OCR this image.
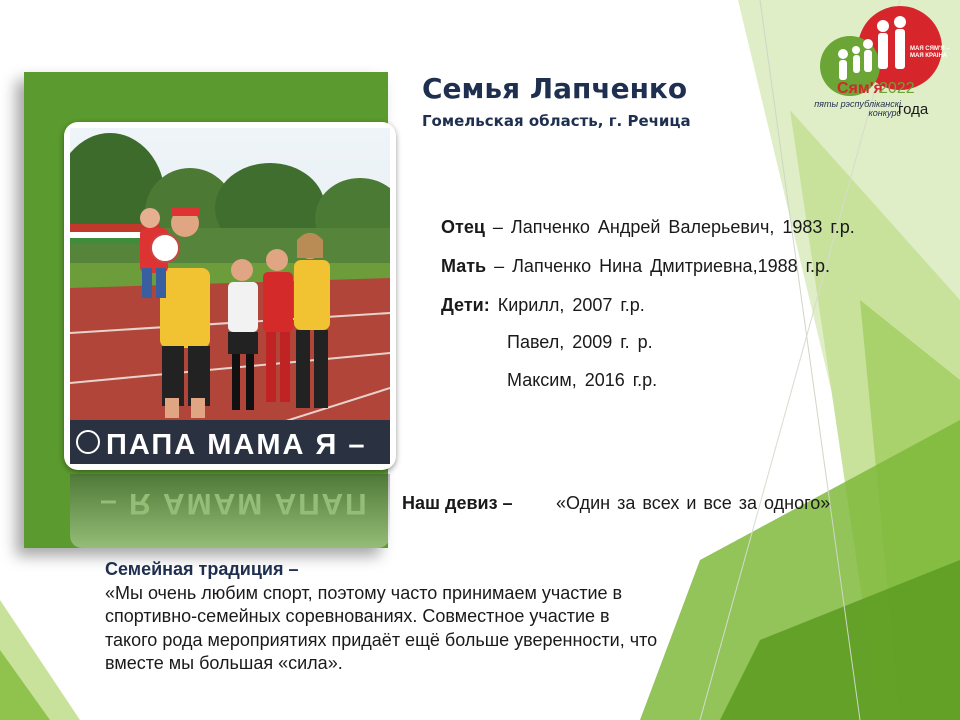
ПАПА МАМА Я –
ПАПА МАМА Я –
Семья Лапченко
Гомельская область, г. Речица
Отец – Лапченко Андрей Валерьевич, 1983 г.р.
Мать – Лапченко Нина Дмитриевна,1988 г.р.
Дети: Кирилл, 2007 г.р.
Павел, 2009 г. р.
Максим, 2016 г.р.
Наш девиз – «Один за всех и все за одного»
Семейная традиция –
«Мы очень любим спорт, поэтому часто принимаем участие в спортивно-семейных соревнованиях. Совместное участие в такого рода мероприятиях придаёт ещё больше уверенности, что вместе мы большая «сила».
МАЯ СЯМ'Я – МАЯ КРАІНА
Сям'я
2022
пяты рэспубліканскі конкурс
года
